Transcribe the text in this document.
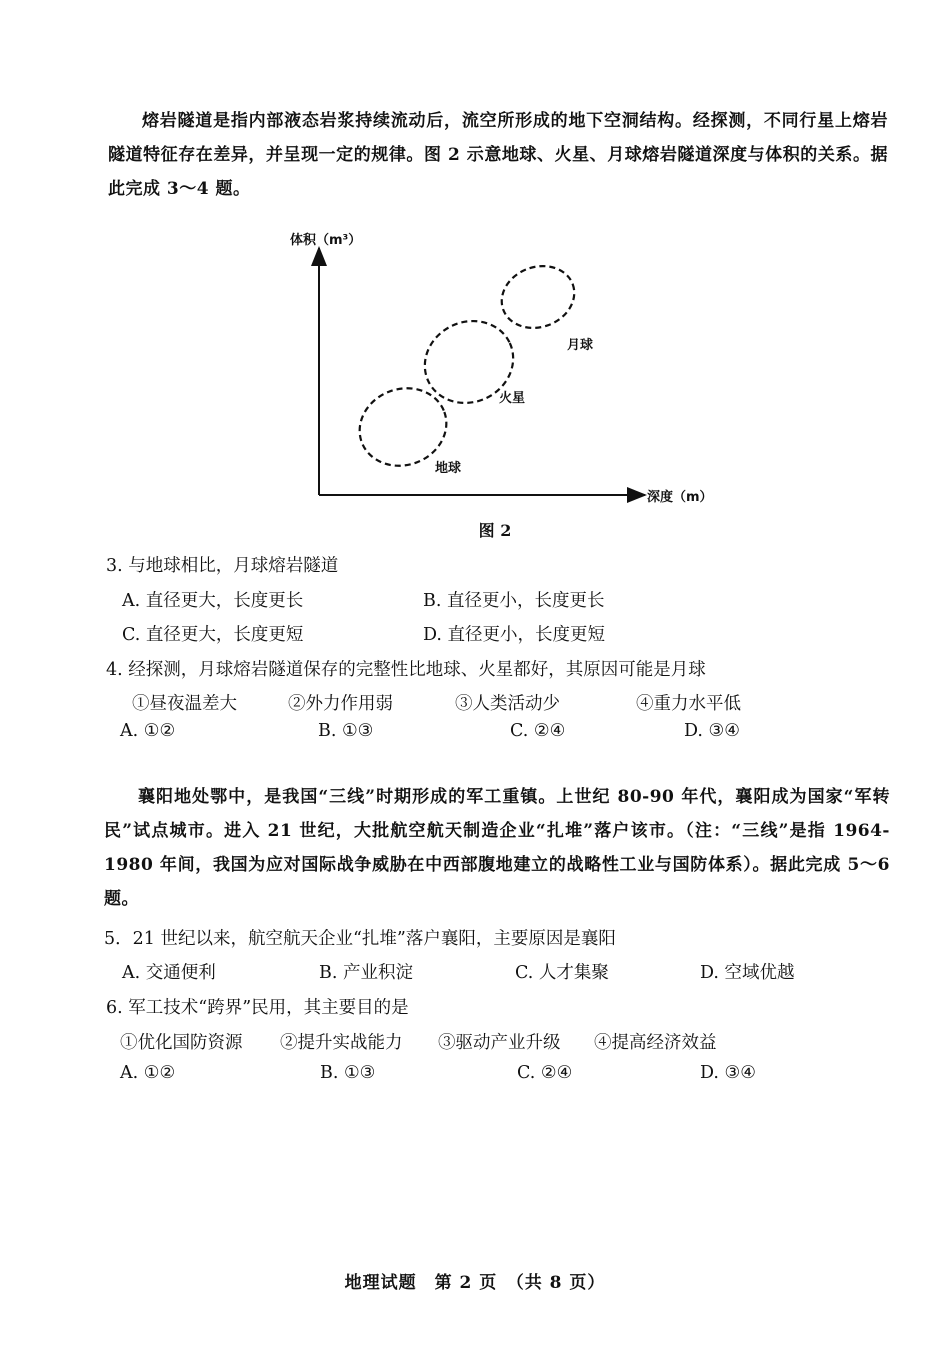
熔岩隧道是指内部液态岩浆持续流动后，流空所形成的地下空洞结构。经探测，不同行星上熔岩隧道特征存在差异，并呈现一定的规律。图 2 示意地球、火星、月球熔岩隧道深度与体积的关系。据此完成 3～4 题。
体积（m³）
深度（m）
地球
火星
月球
图 2
3. 与地球相比，月球熔岩隧道
A. 直径更大，长度更长	B. 直径更小，长度更长
C. 直径更大，长度更短	D. 直径更小，长度更短
4. 经探测，月球熔岩隧道保存的完整性比地球、火星都好，其原因可能是月球
①昼夜温差大	②外力作用弱	③人类活动少	④重力水平低
A. ①②	B. ①③	C. ②④	D. ③④
襄阳地处鄂中，是我国“三线”时期形成的军工重镇。上世纪 80-90 年代，襄阳成为国家“军转民”试点城市。进入 21 世纪，大批航空航天制造企业“扎堆”落户该市。（注：“三线”是指 1964-1980 年间，我国为应对国际战争威胁在中西部腹地建立的战略性工业与国防体系）。据此完成 5～6 题。
5．21 世纪以来，航空航天企业“扎堆”落户襄阳，主要原因是襄阳
A. 交通便利	B. 产业积淀	C. 人才集聚	D. 空域优越
6. 军工技术“跨界”民用，其主要目的是
①优化国防资源 ②提升实战能力 ③驱动产业升级 ④提高经济效益
A. ①②	B. ①③	C. ②④	D. ③④
地理试题　第 2 页　（共 8 页）
